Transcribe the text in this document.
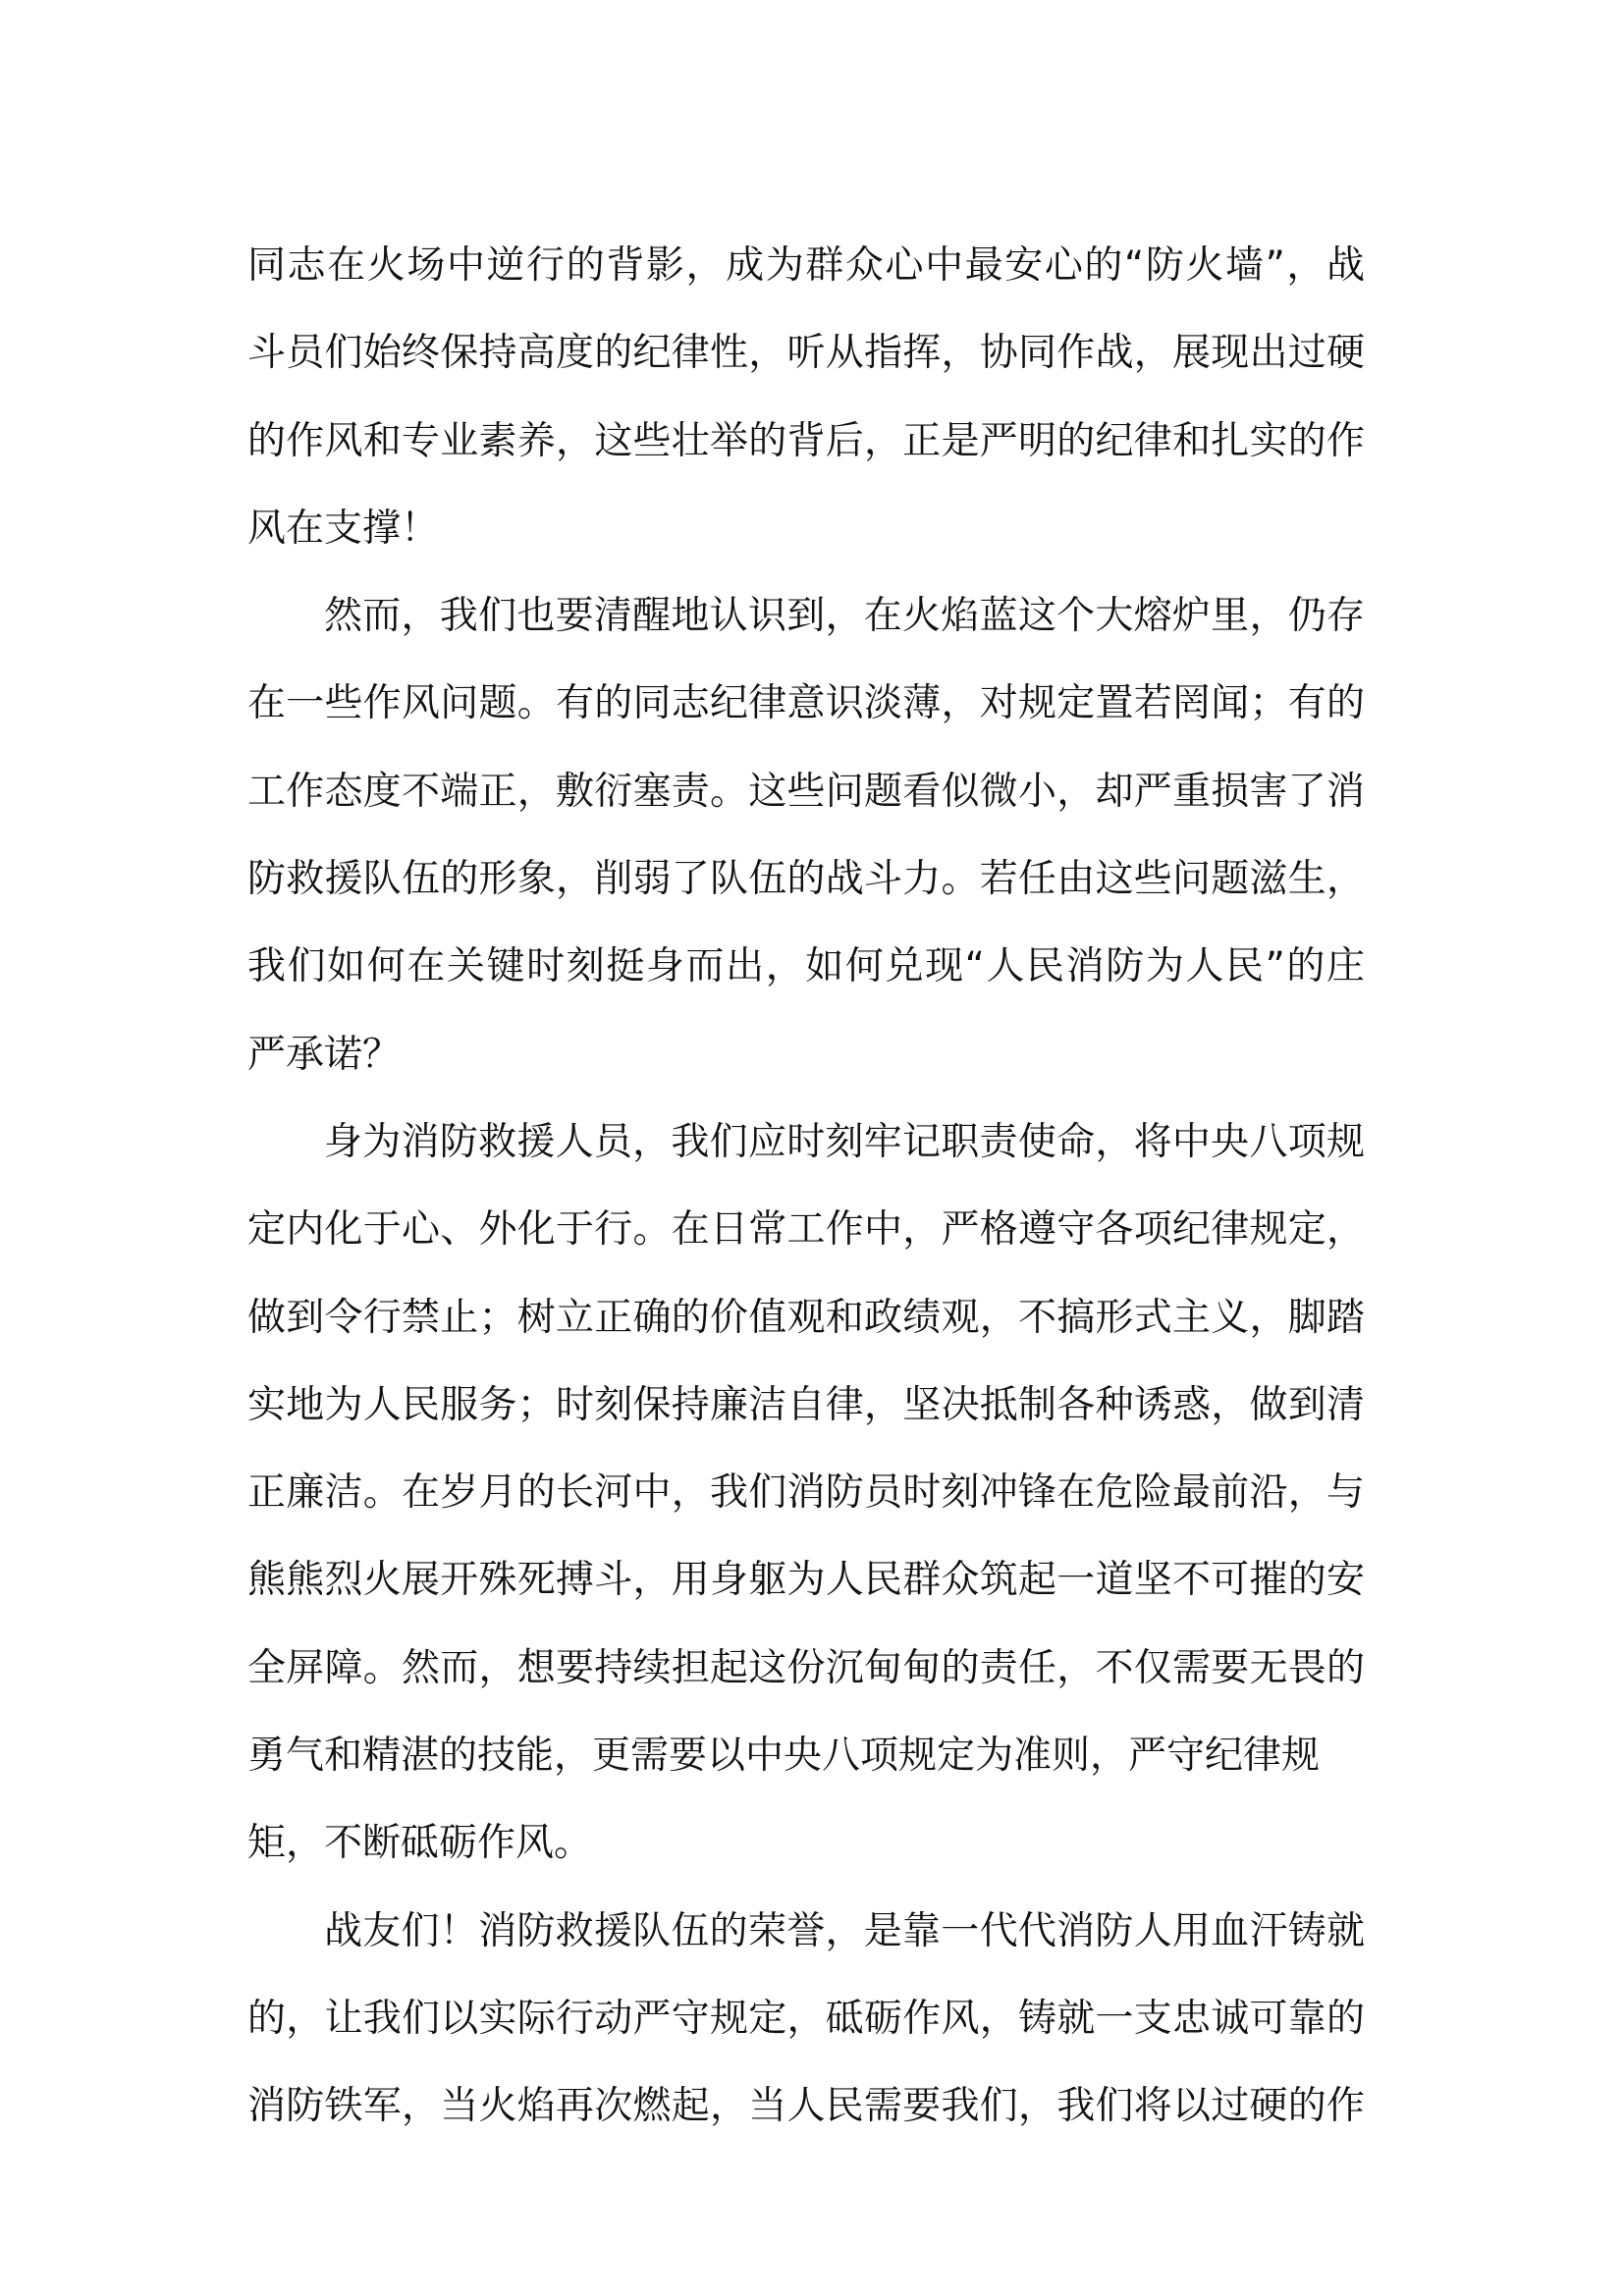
同志在火场中逆行的背影，成为群众心中最安心的“防火墙”，战
斗员们始终保持高度的纪律性，听从指挥，协同作战，展现出过硬
的作风和专业素养，这些壮举的背后，正是严明的纪律和扎实的作
风在支撑！
然而，我们也要清醒地认识到，在火焰蓝这个大熔炉里，仍存
在一些作风问题。有的同志纪律意识淡薄，对规定置若罔闻；有的
工作态度不端正，敷衍塞责。这些问题看似微小，却严重损害了消
防救援队伍的形象，削弱了队伍的战斗力。若任由这些问题滋生，
我们如何在关键时刻挺身而出，如何兑现“人民消防为人民”的庄
严承诺？
身为消防救援人员，我们应时刻牢记职责使命，将中央八项规
定内化于心、外化于行。在日常工作中，严格遵守各项纪律规定，
做到令行禁止；树立正确的价值观和政绩观，不搞形式主义，脚踏
实地为人民服务；时刻保持廉洁自律，坚决抵制各种诱惑，做到清
正廉洁。在岁月的长河中，我们消防员时刻冲锋在危险最前沿，与
熊熊烈火展开殊死搏斗，用身躯为人民群众筑起一道坚不可摧的安
全屏障。然而，想要持续担起这份沉甸甸的责任，不仅需要无畏的
勇气和精湛的技能，更需要以中央八项规定为准则，严守纪律规
矩，不断砥砺作风。
战友们！消防救援队伍的荣誉，是靠一代代消防人用血汗铸就
的，让我们以实际行动严守规定，砥砺作风，铸就一支忠诚可靠的
消防铁军，当火焰再次燃起，当人民需要我们，我们将以过硬的作
